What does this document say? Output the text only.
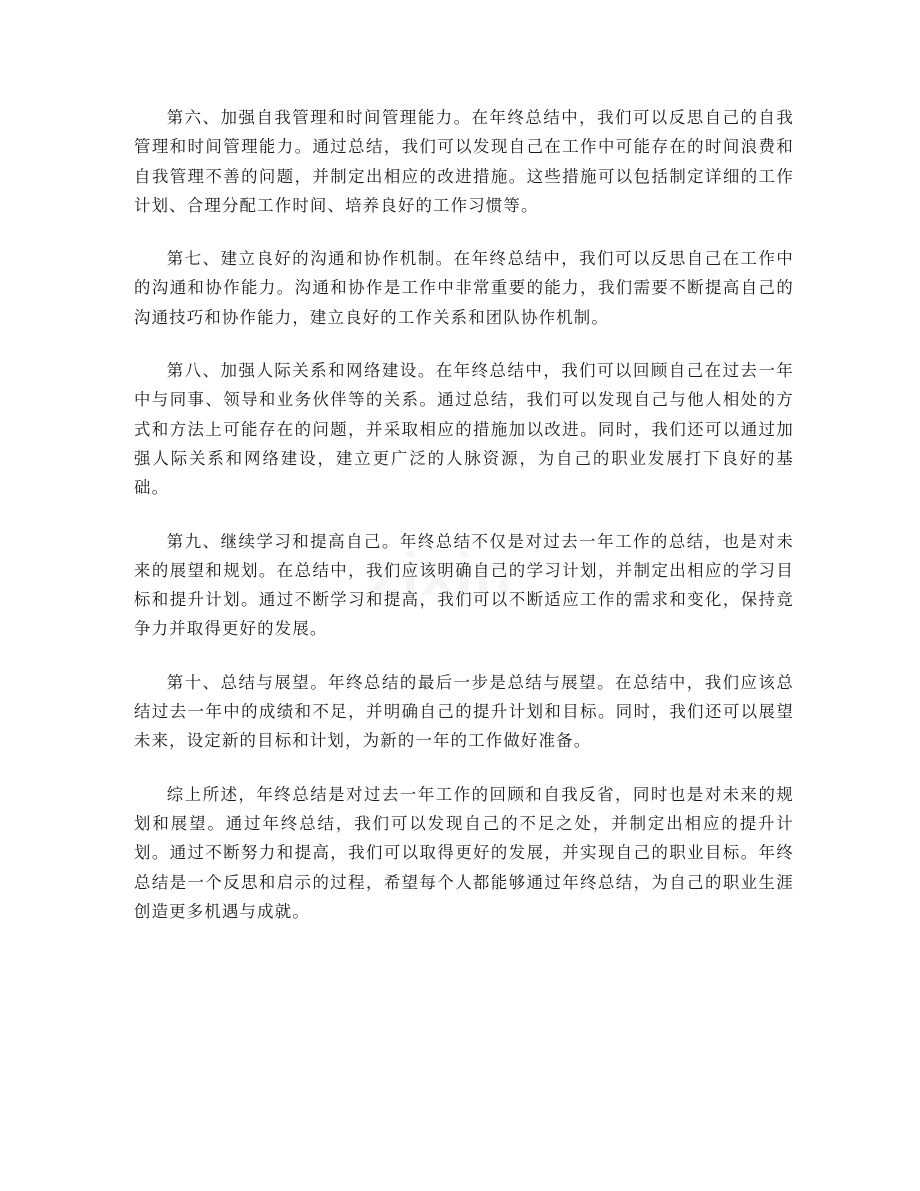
zixin

第六、加强自我管理和时间管理能力。在年终总结中，我们可以反思自己的自我管理和时间管理能力。通过总结，我们可以发现自己在工作中可能存在的时间浪费和自我管理不善的问题，并制定出相应的改进措施。这些措施可以包括制定详细的工作计划、合理分配工作时间、培养良好的工作习惯等。

第七、建立良好的沟通和协作机制。在年终总结中，我们可以反思自己在工作中的沟通和协作能力。沟通和协作是工作中非常重要的能力，我们需要不断提高自己的沟通技巧和协作能力，建立良好的工作关系和团队协作机制。

第八、加强人际关系和网络建设。在年终总结中，我们可以回顾自己在过去一年中与同事、领导和业务伙伴等的关系。通过总结，我们可以发现自己与他人相处的方式和方法上可能存在的问题，并采取相应的措施加以改进。同时，我们还可以通过加强人际关系和网络建设，建立更广泛的人脉资源，为自己的职业发展打下良好的基础。

第九、继续学习和提高自己。年终总结不仅是对过去一年工作的总结，也是对未来的展望和规划。在总结中，我们应该明确自己的学习计划，并制定出相应的学习目标和提升计划。通过不断学习和提高，我们可以不断适应工作的需求和变化，保持竞争力并取得更好的发展。

第十、总结与展望。年终总结的最后一步是总结与展望。在总结中，我们应该总结过去一年中的成绩和不足，并明确自己的提升计划和目标。同时，我们还可以展望未来，设定新的目标和计划，为新的一年的工作做好准备。

综上所述，年终总结是对过去一年工作的回顾和自我反省，同时也是对未来的规划和展望。通过年终总结，我们可以发现自己的不足之处，并制定出相应的提升计划。通过不断努力和提高，我们可以取得更好的发展，并实现自己的职业目标。年终总结是一个反思和启示的过程，希望每个人都能够通过年终总结，为自己的职业生涯创造更多机遇与成就。
